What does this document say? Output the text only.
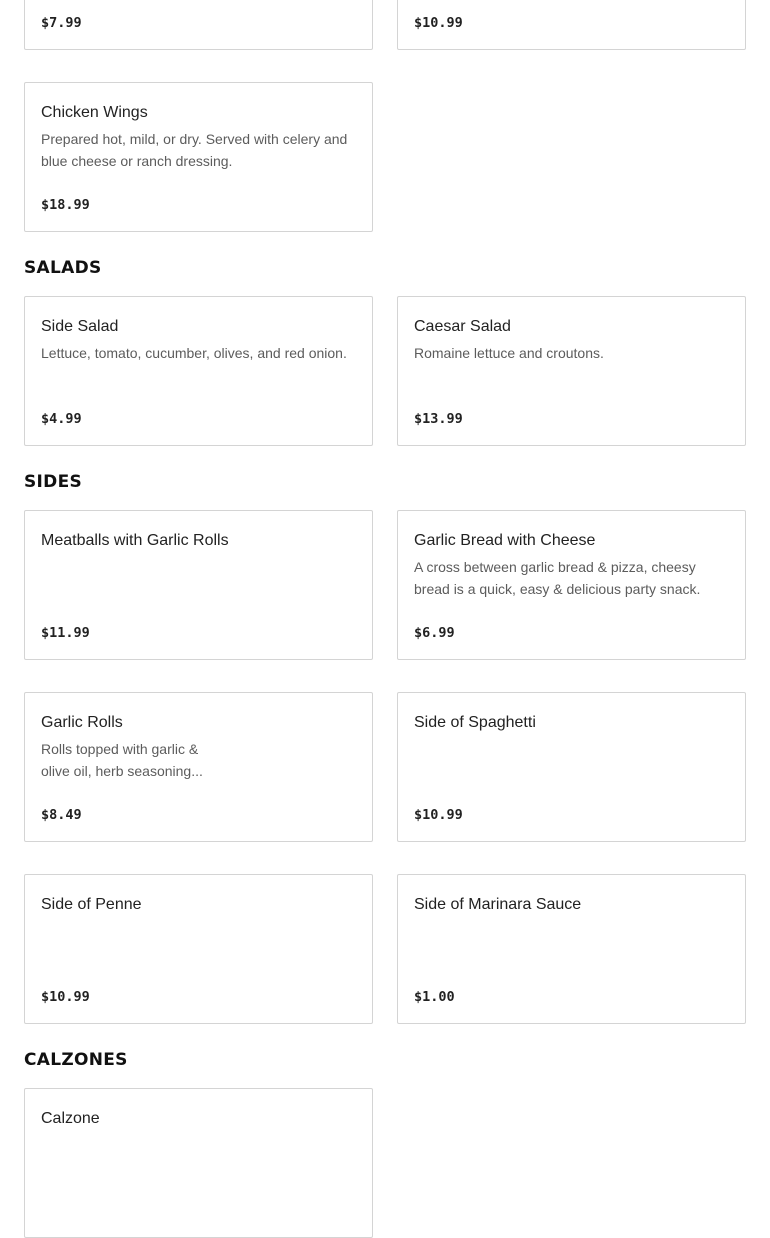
$7.99	$10.99
Chicken Wings
Prepared hot, mild, or dry. Served with celery and blue cheese or ranch dressing.
$18.99
SALADS
Side Salad
Lettuce, tomato, cucumber, olives, and red onion.
$4.99
Caesar Salad
Romaine lettuce and croutons.
$13.99
SIDES
Meatballs with Garlic Rolls
$11.99
Garlic Bread with Cheese
A cross between garlic bread & pizza, cheesy bread is a quick, easy & delicious party snack.
$6.99
Garlic Rolls
Rolls topped with garlic & olive oil, herb seasoning...
$8.49
Side of Spaghetti
$10.99
Side of Penne
$10.99
Side of Marinara Sauce
$1.00
CALZONES
Calzone
